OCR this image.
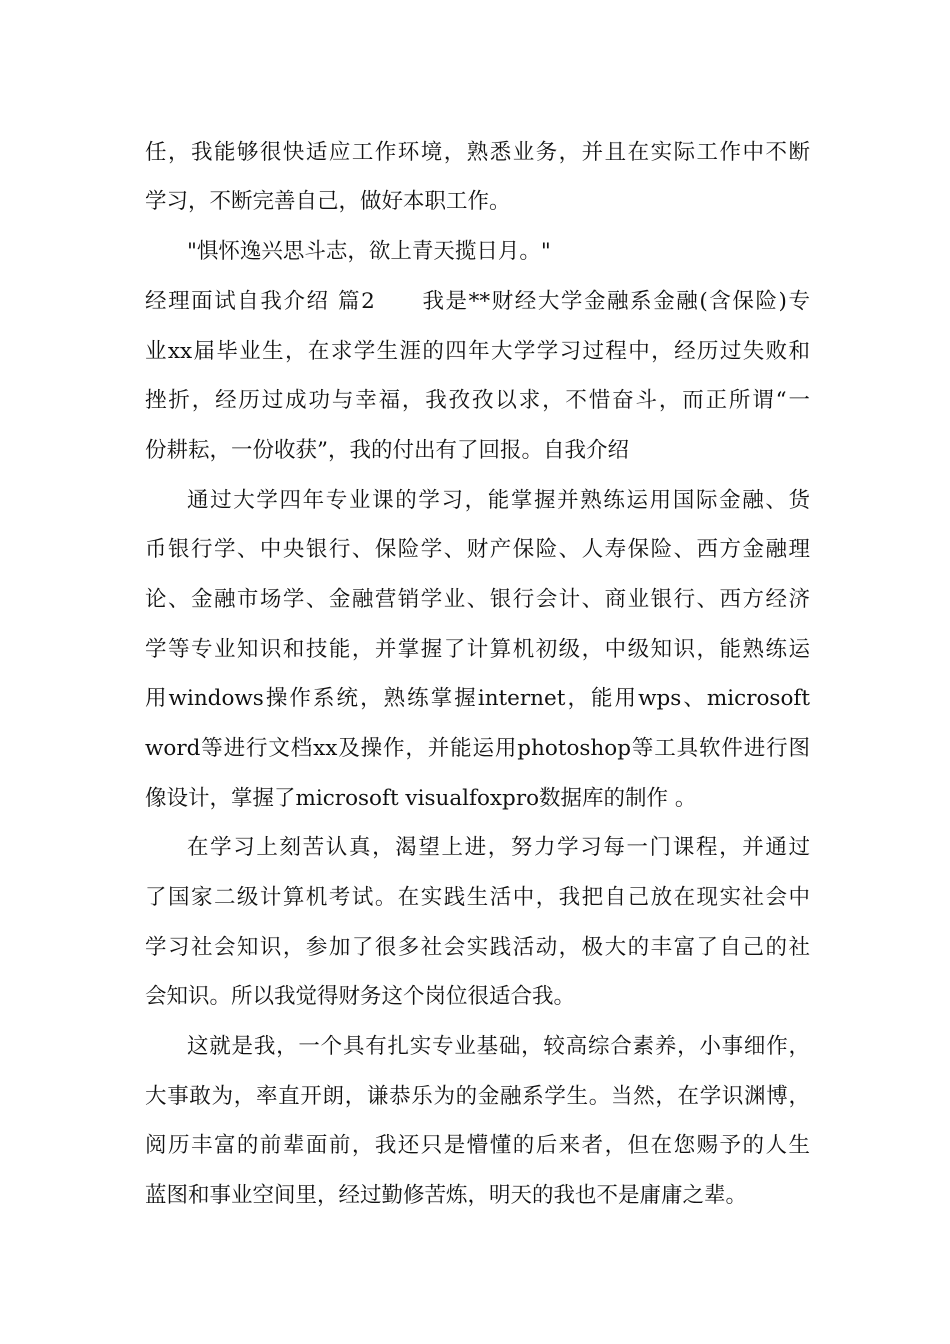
任，我能够很快适应工作环境，熟悉业务，并且在实际工作中不断
学习，不断完善自己，做好本职工作。
"惧怀逸兴思斗志，欲上青天揽日月。"
经理面试自我介绍 篇2　　我是**财经大学金融系金融(含保险)专
业xx届毕业生，在求学生涯的四年大学学习过程中，经历过失败和
挫折，经历过成功与幸福，我孜孜以求，不惜奋斗，而正所谓“一
份耕耘，一份收获”，我的付出有了回报。自我介绍
通过大学四年专业课的学习，能掌握并熟练运用国际金融、货
币银行学、中央银行、保险学、财产保险、人寿保险、西方金融理
论、金融市场学、金融营销学业、银行会计、商业银行、西方经济
学等专业知识和技能，并掌握了计算机初级，中级知识，能熟练运
用windows操作系统，熟练掌握internet，能用wps、microsoft
word等进行文档xx及操作，并能运用photoshop等工具软件进行图
像设计，掌握了microsoft visualfoxpro数据库的制作 。
在学习上刻苦认真，渴望上进，努力学习每一门课程，并通过
了国家二级计算机考试。在实践生活中，我把自己放在现实社会中
学习社会知识，参加了很多社会实践活动，极大的丰富了自己的社
会知识。所以我觉得财务这个岗位很适合我。
这就是我，一个具有扎实专业基础，较高综合素养，小事细作，
大事敢为，率直开朗，谦恭乐为的金融系学生。当然，在学识渊博，
阅历丰富的前辈面前，我还只是懵懂的后来者，但在您赐予的人生
蓝图和事业空间里，经过勤修苦炼，明天的我也不是庸庸之辈。
